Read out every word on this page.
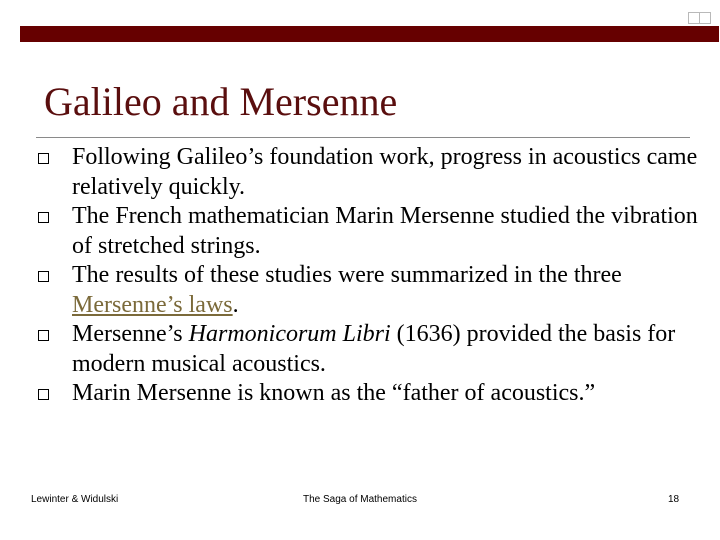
Galileo and Mersenne
Following Galileo’s foundation work, progress in acoustics came relatively quickly.
The French mathematician Marin Mersenne studied the vibration of stretched strings.
The results of these studies were summarized in the three Mersenne’s laws.
Mersenne’s Harmonicorum Libri (1636) provided the basis for modern musical acoustics.
Marin Mersenne is known as the “father of acoustics.”
Lewinter & Widulski	The Saga of Mathematics	18
